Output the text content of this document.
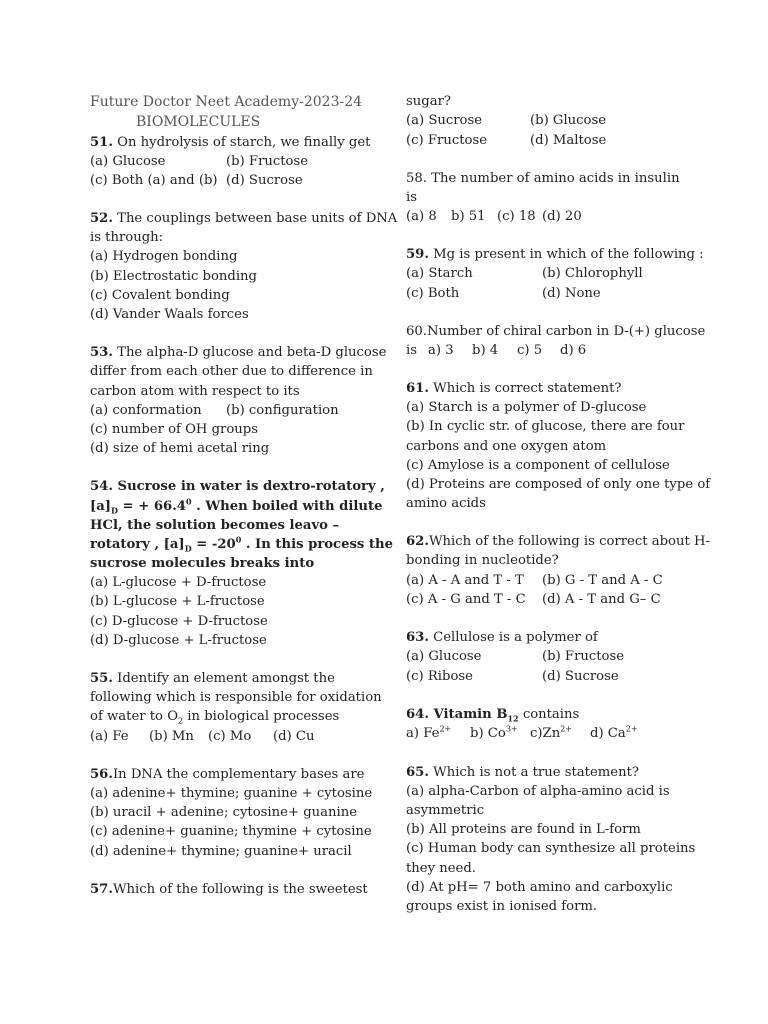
Future Doctor Neet Academy-2023-24
BIOMOLECULES
51. On hydrolysis of starch, we finally get
(a) Glucose	(b) Fructose
(c) Both (a) and (b) (d) Sucrose
52. The couplings between base units of DNA
is through:
(a) Hydrogen bonding
(b) Electrostatic bonding
(c) Covalent bonding
(d) Vander Waals forces
53. The alpha-D glucose and beta-D glucose
differ from each other due to difference in
carbon atom with respect to its
(a) conformation (b) configuration
(c) number of OH groups
(d) size of hemi acetal ring
54. Sucrose in water is dextro-rotatory ,
$[a]_D$ = + $66.4^0$ . When boiled with dilute
HCl, the solution becomes leavo –
rotatory , $[a]_D = -20^0$ . In this process the
sucrose molecules breaks into
(a) L-glucose + D-fructose
(b) L-glucose + L-fructose
(c) D-glucose + D-fructose
(d) D-glucose + L-fructose
55. Identify an element amongst the
following which is responsible for oxidation
of water to $O_2$ in biological processes
(a) Fe (b) Mn (c) Mo (d) Cu
56.In DNA the complementary bases are
(a) adenine+ thymine; guanine + cytosine
(b) uracil + adenine; cytosine+ guanine
(c) adenine+ guanine; thymine + cytosine
(d) adenine+ thymine; guanine+ uracil
57.Which of the following is the sweetest
sugar?
(a) Sucrose	(b) Glucose
(c) Fructose	(d) Maltose
58. The number of amino acids in insulin
is
(a) 8 b) 51 (c) 18 (d) 20
59. Mg is present in which of the following :
(a) Starch	(b) Chlorophyll
(c) Both	(d) None
60.Number of chiral carbon in D-(+) glucose
is a) 3 b) 4 c) 5 d) 6
61. Which is correct statement?
(a) Starch is a polymer of D-glucose
(b) In cyclic str. of glucose, there are four
carbons and one oxygen atom
(c) Amylose is a component of cellulose
(d) Proteins are composed of only one type of
amino acids
62.Which of the following is correct about H-
bonding in nucleotide?
(a) A - A and T - T (b) G - T and A - C
(c) A - G and T - C (d) A - T and G– C
63. Cellulose is a polymer of
(a) Glucose	(b) Fructose
(c) Ribose	(d) Sucrose
64. Vitamin $B_{12}$ contains
a) $Fe^{2+}$ b) $Co^{3+}$ $c)Zn^{2+}$ d) $Ca^{2+}$
65. Which is not a true statement?
(a) alpha-Carbon of alpha-amino acid is
asymmetric
(b) All proteins are found in L-form
(c) Human body can synthesize all proteins
they need.
(d) At pH= 7 both amino and carboxylic
groups exist in ionised form.
